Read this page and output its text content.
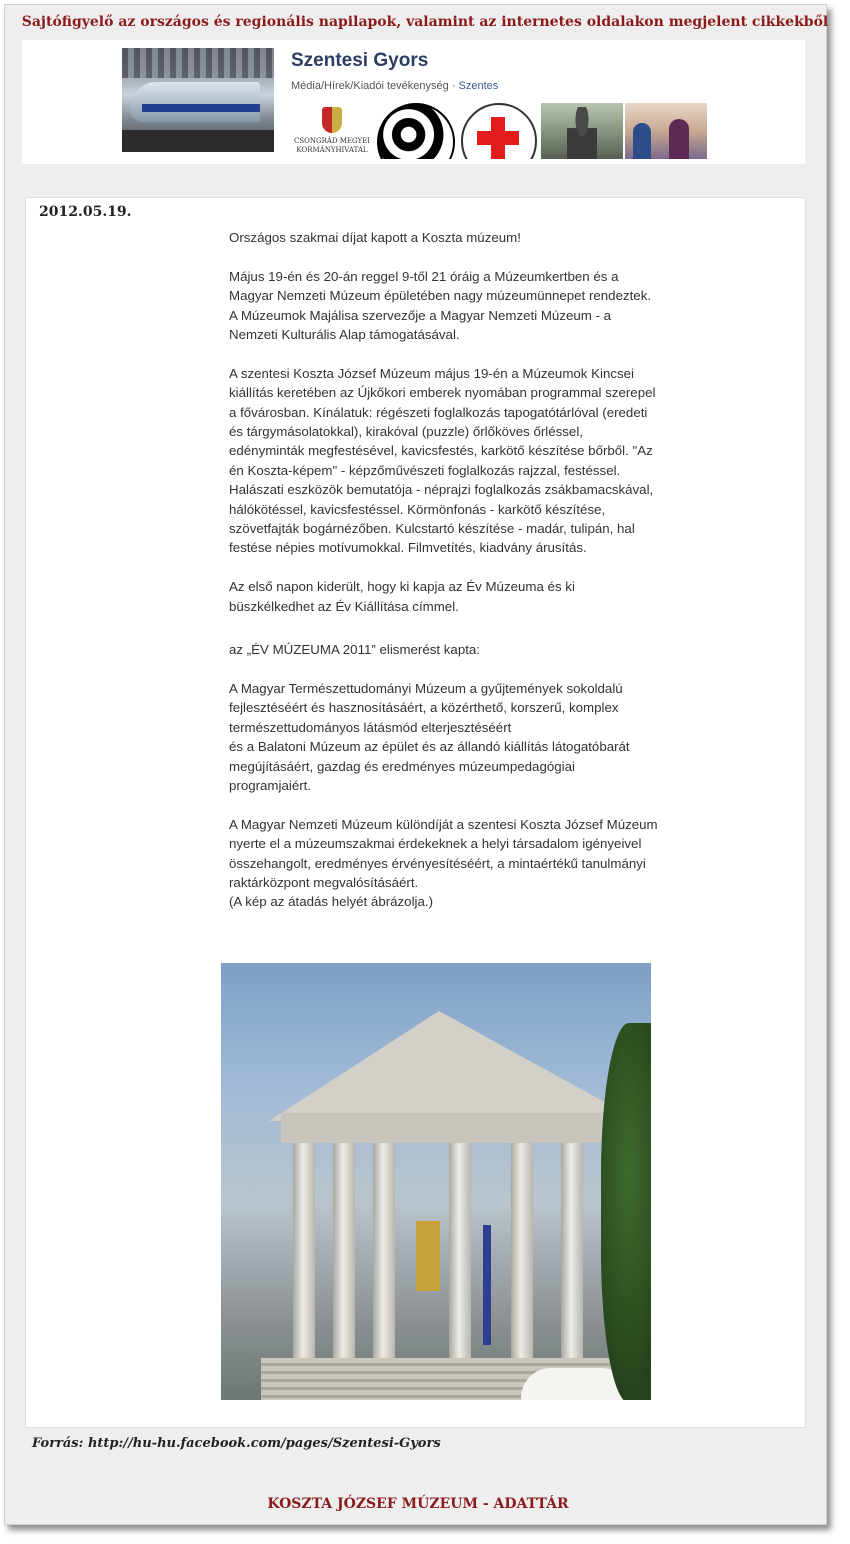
Sajtófigyelő az országos és regionális napilapok, valamint az internetes oldalakon megjelent cikkekből
Szentesi Gyors
Média/Hírek/Kiadói tevékenység · Szentes
CSONGRÁD MEGYEI KORMÁNYHIVATAL
2012.05.19.

Országos szakmai díjat kapott a Koszta múzeum!

Május 19-én és 20-án reggel 9-től 21 óráig a Múzeumkertben és a Magyar Nemzeti Múzeum épületében nagy múzeumünnepet rendeztek. A Múzeumok Majálisa szervezője a Magyar Nemzeti Múzeum - a Nemzeti Kulturális Alap támogatásával.

A szentesi Koszta József Múzeum május 19-én a Múzeumok Kincsei kiállítás keretében az Újkőkori emberek nyomában programmal szerepel a fővárosban. Kínálatuk: régészeti foglalkozás tapogatótárlóval (eredeti és tárgymásolatokkal), kirakóval (puzzle) őrlőköves őrléssel, edényminták megfestésével, kavicsfestés, karkötő készítése bőrből. "Az én Koszta-képem" - képzőművészeti foglalkozás rajzzal, festéssel. Halászati eszközök bemutatója - néprajzi foglalkozás zsákbamacskával, hálókötéssel, kavicsfestéssel. Körmönfonás - karkötő készítése, szövetfajták bogárnézőben. Kulcstartó készítése - madár, tulipán, hal festése népies motívumokkal. Filmvetítés, kiadvány árusítás.

Az első napon kiderült, hogy ki kapja az Év Múzeuma és ki büszkélkedhet az Év Kiállítása címmel.

az „ÉV MÚZEUMA 2011” elismerést kapta:

A Magyar Természettudományi Múzeum a gyűjtemények sokoldalú fejlesztéséért és hasznosításáért, a közérthető, korszerű, komplex természettudományos látásmód elterjesztéséért

és a Balatoni Múzeum az épület és az állandó kiállítás látogatóbarát megújításáért, gazdag és eredményes múzeumpedagógiai programjaiért.

A Magyar Nemzeti Múzeum különdíját a szentesi Koszta József Múzeum nyerte el a múzeumszakmai érdekeknek a helyi társadalom igényeivel összehangolt, eredményes érvényesítéséért, a mintaértékű tanulmányi raktárközpont megvalósításáért.

(A kép az átadás helyét ábrázolja.)

Forrás: http://hu-hu.facebook.com/pages/Szentesi-Gyors
KOSZTA JÓZSEF MÚZEUM - ADATTÁR
